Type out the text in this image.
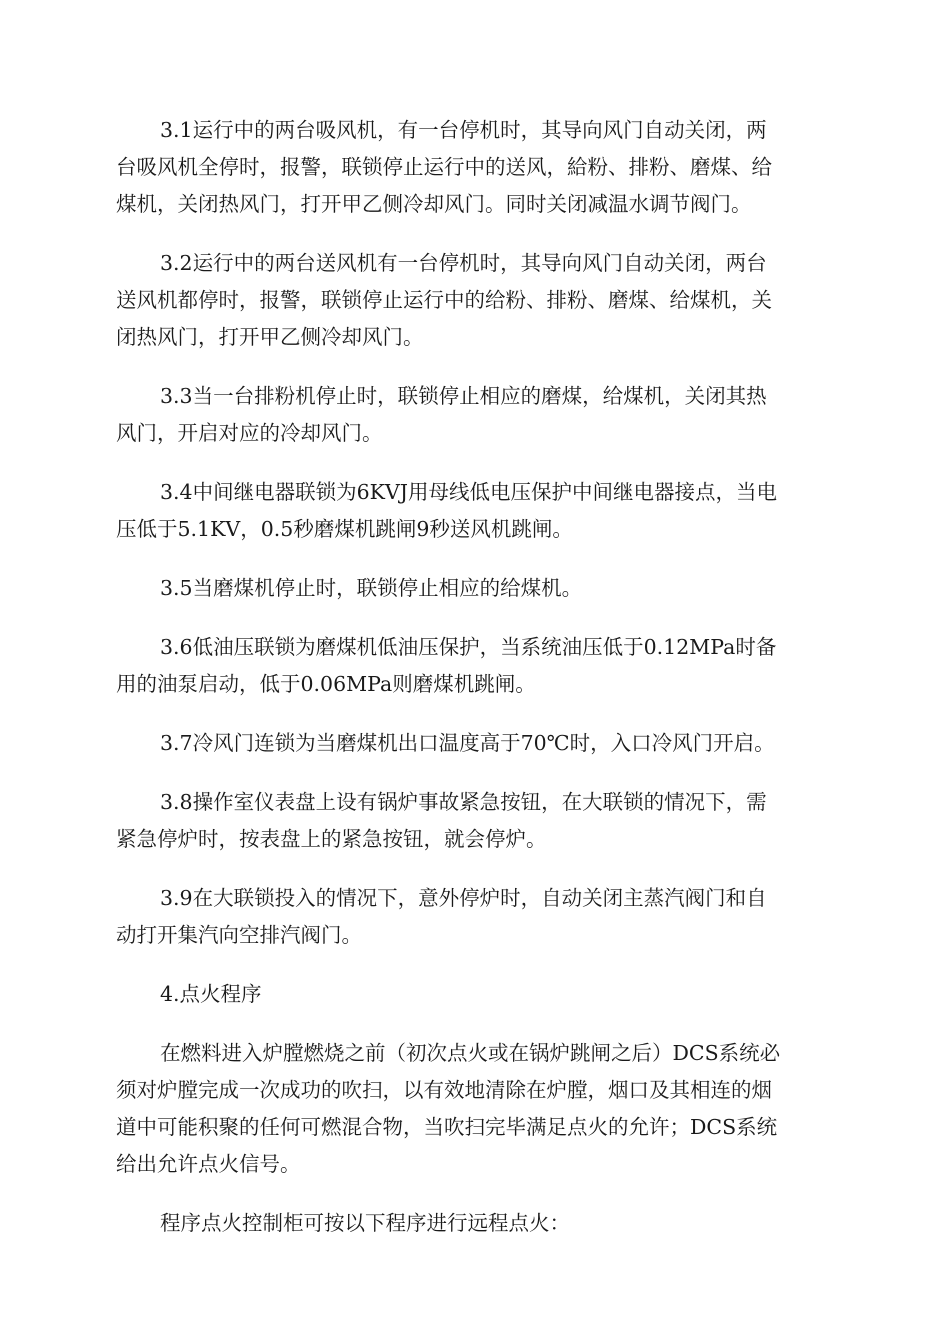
3.1运行中的两台吸风机，有一台停机时，其导向风门自动关闭，两
台吸风机全停时，报警，联锁停止运行中的送风，給粉、排粉、磨煤、给
煤机，关闭热风门，打开甲乙侧冷却风门。同时关闭减温水调节阀门。

3.2运行中的两台送风机有一台停机时，其导向风门自动关闭，两台
送风机都停时，报警，联锁停止运行中的给粉、排粉、磨煤、给煤机，关
闭热风门，打开甲乙侧冷却风门。

3.3当一台排粉机停止时，联锁停止相应的磨煤，给煤机，关闭其热
风门，开启对应的冷却风门。

3.4中间继电器联锁为6KVJ用母线低电压保护中间继电器接点，当电
压低于5.1KV，0.5秒磨煤机跳闸9秒送风机跳闸。

3.5当磨煤机停止时，联锁停止相应的给煤机。

3.6低油压联锁为磨煤机低油压保护，当系统油压低于0.12MPa时备
用的油泵启动，低于0.06MPa则磨煤机跳闸。

3.7冷风门连锁为当磨煤机出口温度高于70℃时，入口冷风门开启。

3.8操作室仪表盘上设有锅炉事故紧急按钮，在大联锁的情况下，需
紧急停炉时，按表盘上的紧急按钮，就会停炉。

3.9在大联锁投入的情况下，意外停炉时，自动关闭主蒸汽阀门和自
动打开集汽向空排汽阀门。

4.点火程序

在燃料进入炉膛燃烧之前（初次点火或在锅炉跳闸之后）DCS系统必
须对炉膛完成一次成功的吹扫，以有效地清除在炉膛，烟口及其相连的烟
道中可能积聚的任何可燃混合物，当吹扫完毕满足点火的允许；DCS系统
给出允许点火信号。

程序点火控制柜可按以下程序进行远程点火：
